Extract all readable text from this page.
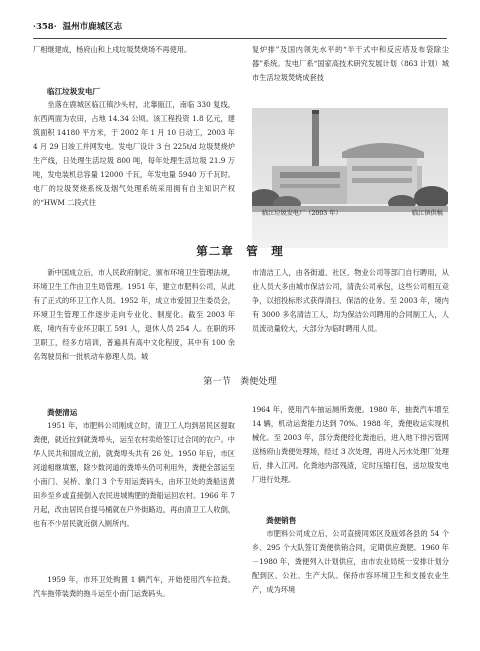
·358· 温州市鹿城区志

厂相继建成，杨府山和上戍垃圾焚烧场不再使用。

临江垃圾发电厂

坐落在鹿城区临江镇沙头村，北靠瓯江，南临 330 复线，东西两面为农田，占地 14.34 公顷。该工程投资 1.8 亿元，建筑面积 14180 平方米，于 2002 年 1 月 10 日动工，2003 年 4 月 29 日竣工并网发电。发电厂设计 3 台 225t/d 垃圾焚烧炉生产线，日处理生活垃圾 800 吨，每年处理生活垃圾 21.9 万吨，发电装机总容量 12000 千瓦，年发电量 5940 万千瓦时。电厂的垃圾焚烧系统及烟气处理系统采用拥有自主知识产权的“HWM 二段式往

复炉排”及国内领先水平的“半干式中和反应塔及布袋除尘器”系统。发电厂系“国家高技术研究发展计划（863 计划）城市生活垃圾焚烧成套技

临江垃圾发电厂（2003 年）	临江镇供稿
第二章　管　理

新中国成立后，市人民政府制定、颁布环境卫生管理法规，环境卫生工作由卫生局管理。1951 年，建立市肥料公司，从此有了正式的环卫工作人员。1952 年，成立市爱国卫生委员会，环境卫生管理工作逐步走向专业化、制度化。截至 2003 年底，境内有专业环卫职工 591 人，退休人员 254 人。在职的环卫职工，经多方培训，普遍具有高中文化程度，其中有 100 余名驾驶员和一批机动车修理人员。城

市清洁工人，由各街道、社区、物业公司等部门自行聘用，从业人员大多由城市保洁公司，清洗公司承包，这些公司相互竞争，以招投标形式获得清扫、保洁的业务。至 2003 年，境内有 3000 多名清洁工人，均为保洁公司聘用的合同制工人，人员流动量较大，大部分为临时聘用人员。

第一节　粪便处理
粪便清运

1951 年，市肥料公司刚成立时，清卫工人均到居民区提取粪便，就近拉到就粪埠头，运至农村卖给签订过合同的农户。中华人民共和国成立前，就粪埠头共有 26 处。1950 年后，市区河道相继填塞，除少数河道的粪埠头仍可利用外，粪便全部运至小南门、吴桥、象门 3 个专用运粪码头，由环卫处的粪船送黄田乡至乡或直接倒入农民进城购肥的粪船运回农村。1966 年 7 月起，改由居民自提马桶就在户外街路边，再由清卫工人收倒，也有不少居民就近倒入厕所内。

1959 年，市环卫处购置 1 辆汽车，开始使用汽车拉粪。汽车拖带装粪的拖斗运至小南门运粪码头。

1964 年，使用汽车抽运厕所粪便。1980 年，抽粪汽车增至 14 辆，机动运粪能力达到 70%。1988 年，粪便收运实现机械化。至 2003 年，部分粪便经化粪池后，进入地下排污管网送杨府山粪便处理场，经过 3 次处理，再进入污水处理厂处理后，排入江河。化粪池内部残渣，定时压缩打包，送垃圾发电厂进行处理。

粪便销售

市肥料公司成立后，公司直接同郊区及瓯郊各县的 54 个乡、295 个大队签订粪便供销合同，定期供应粪肥。1960 年－1980 年，粪便列入计划供应，由市农业局统一安排计划分配到区、公社、生产大队。保持市容环境卫生和支援农业生产，成为环境
